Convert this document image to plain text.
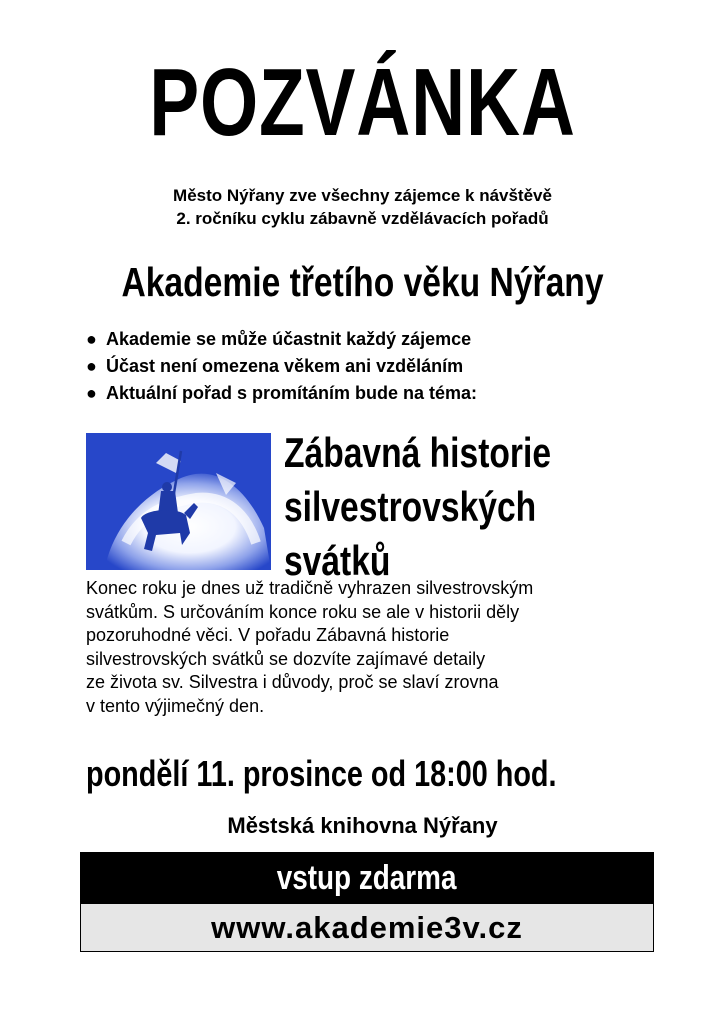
POZVÁNKA
Město Nýřany zve všechny zájemce k návštěvě
2. ročníku cyklu zábavně vzdělávacích pořadů
Akademie třetího věku Nýřany
● Akademie se může účastnit každý zájemce
● Účast není omezena věkem ani vzděláním
● Aktuální pořad s promítáním bude na téma:
Zábavná historie
silvestrovských
svátků
Konec roku je dnes už tradičně vyhrazen silvestrovským
svátkům. S určováním konce roku se ale v historii děly
pozoruhodné věci. V pořadu Zábavná historie
silvestrovských svátků se dozvíte zajímavé detaily
ze života sv. Silvestra i důvody, proč se slaví zrovna
v tento výjimečný den.
pondělí 11. prosince od 18:00 hod.
Městská knihovna Nýřany
vstup zdarma
www.akademie3v.cz
